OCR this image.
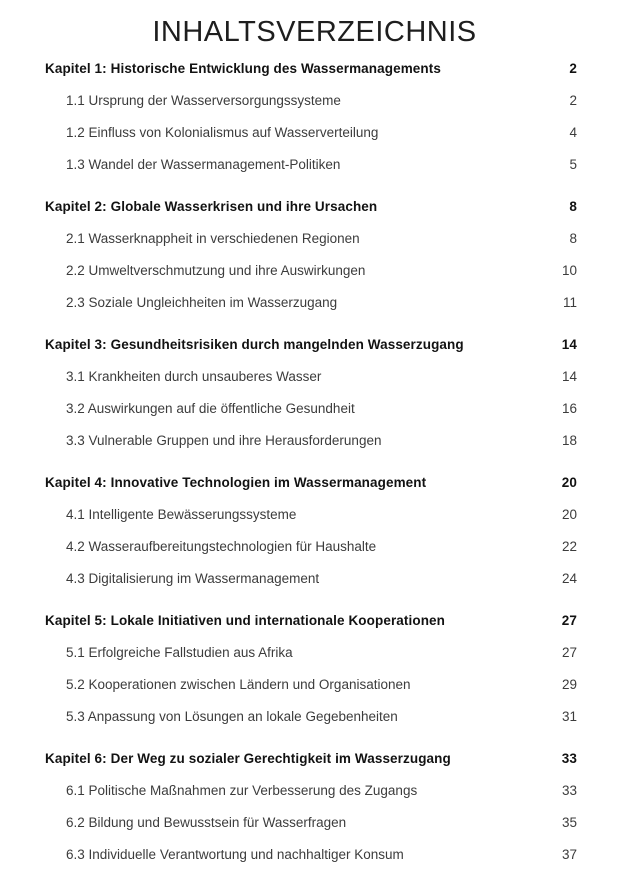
INHALTSVERZEICHNIS
Kapitel 1: Historische Entwicklung des Wassermanagements	2
1.1 Ursprung der Wasserversorgungssysteme	2
1.2 Einfluss von Kolonialismus auf Wasserverteilung	4
1.3 Wandel der Wassermanagement-Politiken	5
Kapitel 2: Globale Wasserkrisen und ihre Ursachen	8
2.1 Wasserknappheit in verschiedenen Regionen	8
2.2 Umweltverschmutzung und ihre Auswirkungen	10
2.3 Soziale Ungleichheiten im Wasserzugang	11
Kapitel 3: Gesundheitsrisiken durch mangelnden Wasserzugang	14
3.1 Krankheiten durch unsauberes Wasser	14
3.2 Auswirkungen auf die öffentliche Gesundheit	16
3.3 Vulnerable Gruppen und ihre Herausforderungen	18
Kapitel 4: Innovative Technologien im Wassermanagement	20
4.1 Intelligente Bewässerungssysteme	20
4.2 Wasseraufbereitungstechnologien für Haushalte	22
4.3 Digitalisierung im Wassermanagement	24
Kapitel 5: Lokale Initiativen und internationale Kooperationen	27
5.1 Erfolgreiche Fallstudien aus Afrika	27
5.2 Kooperationen zwischen Ländern und Organisationen	29
5.3 Anpassung von Lösungen an lokale Gegebenheiten	31
Kapitel 6: Der Weg zu sozialer Gerechtigkeit im Wasserzugang	33
6.1 Politische Maßnahmen zur Verbesserung des Zugangs	33
6.2 Bildung und Bewusstsein für Wasserfragen	35
6.3 Individuelle Verantwortung und nachhaltiger Konsum	37
